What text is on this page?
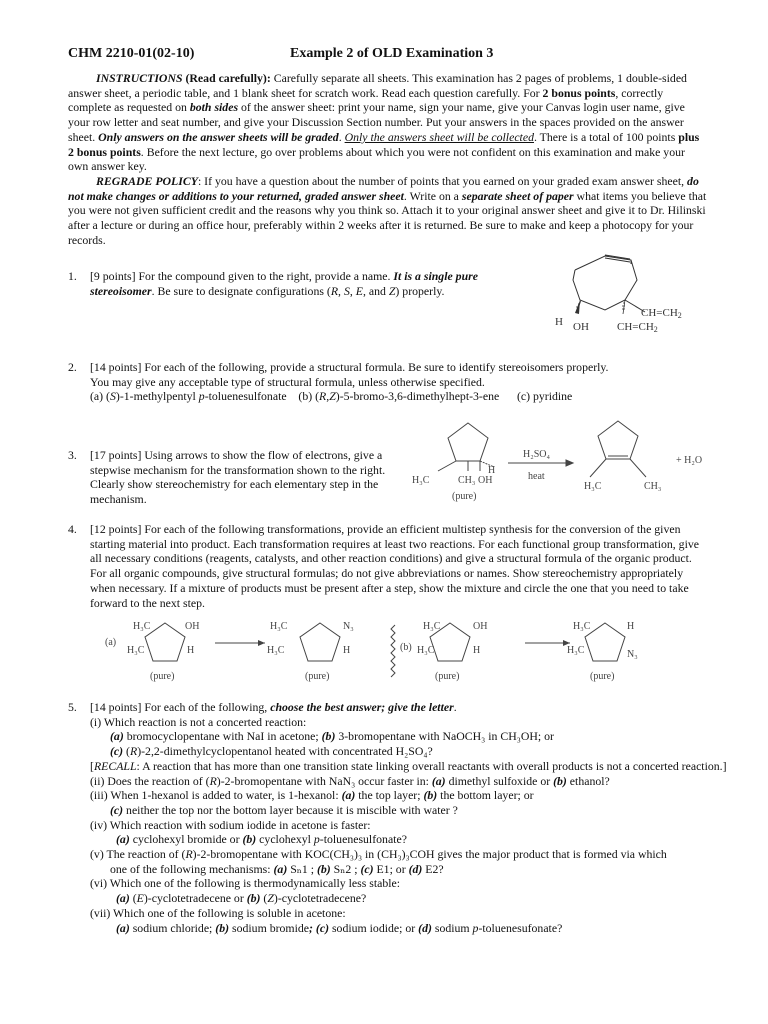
CHM 2210-01(02-10)	Example 2 of OLD Examination 3

INSTRUCTIONS (Read carefully): Carefully separate all sheets. This examination has 2 pages of problems, 1 double-sided answer sheet, a periodic table, and 1 blank sheet for scratch work. Read each question carefully. For 2 bonus points, correctly complete as requested on both sides of the answer sheet: print your name, sign your name, give your Canvas login user name, give your row letter and seat number, and give your Discussion Section number. Put your answers in the spaces provided on the answer sheet. Only answers on the answer sheets will be graded. Only the answers sheet will be collected. There is a total of 100 points plus 2 bonus points. Before the next lecture, go over problems about which you were not confident on this examination and make your own answer key.

REGRADE POLICY: If you have a question about the number of points that you earned on your graded exam answer sheet, do not make changes or additions to your returned, graded answer sheet. Write on a separate sheet of paper what items you believe that you were not given sufficient credit and the reasons why you think so. Attach it to your original answer sheet and give it to Dr. Hilinski after a lecture or during an office hour, preferably within 2 weeks after it is returned. Be sure to make and keep a photocopy for your records.

1. [9 points] For the compound given to the right, provide a name. It is a single pure stereoisomer. Be sure to designate configurations (R, S, E, and Z) properly.
H OH
CH=CH2
CH=CH2
2. [14 points] For each of the following, provide a structural formula. Be sure to identify stereoisomers properly.
You may give any acceptable type of structural formula, unless otherwise specified.
(a) (S)-1-methylpentyl p-toluenesulfonate (b) (R,Z)-5-bromo-3,6-dimethylhept-3-ene (c) pyridine
3. [17 points] Using arrows to show the flow of electrons, give a stepwise mechanism for the transformation shown to the right. Clearly show stereochemistry for each elementary step in the mechanism.
H₃C	CH₃ OH
H
(pure)
H₂SO₄
heat
H₃C	CH₃
+ H₂O
4. [12 points] For each of the following transformations, provide an efficient multistep synthesis for the conversion of the given starting material into product. Each transformation requires at least two reactions. For each functional group transformation, give all necessary conditions (reagents, catalysts, and other reaction conditions) and give a structural formula of the organic product. For all organic compounds, give structural formulas; do not give abbreviations or names. Show stereochemistry appropriately when necessary. If a mixture of products must be present after a step, show the mixture and circle the one that you need to take forward to the next step.
(a)
H₃C
H₃C
OH
H
(pure)
H₃C
H₃C
N₃
H
(pure)
(b)
H₃C
H₃C
OH
H
(pure)
H₃C
H₃C
H
N₃
(pure)
5. [14 points] For each of the following, choose the best answer; give the letter.
(i) Which reaction is not a concerted reaction:
(a) bromocyclopentane with NaI in acetone; (b) 3-bromopentane with NaOCH₃ in CH₃OH; or
(c) (R)-2,2-dimethylcyclopentanol heated with concentrated H₂SO₄?
[RECALL: A reaction that has more than one transition state linking overall reactants with overall products is not a concerted reaction.]
(ii) Does the reaction of (R)-2-bromopentane with NaN₃ occur faster in: (a) dimethyl sulfoxide or (b) ethanol?
(iii) When 1-hexanol is added to water, is 1-hexanol: (a) the top layer; (b) the bottom layer; or
(c) neither the top nor the bottom layer because it is miscible with water ?
(iv) Which reaction with sodium iodide in acetone is faster:
(a) cyclohexyl bromide or (b) cyclohexyl p-toluenesulfonate?
(v) The reaction of (R)-2-bromopentane with KOC(CH₃)₃ in (CH₃)₃COH gives the major product that is formed via which
one of the following mechanisms: (a) Sₙ1 ; (b) Sₙ2 ; (c) E1; or (d) E2?
(vi) Which one of the following is thermodynamically less stable:
(a) (E)-cyclotetradecene or (b) (Z)-cyclotetradecene?
(vii) Which one of the following is soluble in acetone:
(a) sodium chloride; (b) sodium bromide; (c) sodium iodide; or (d) sodium p-toluenesufonate?
